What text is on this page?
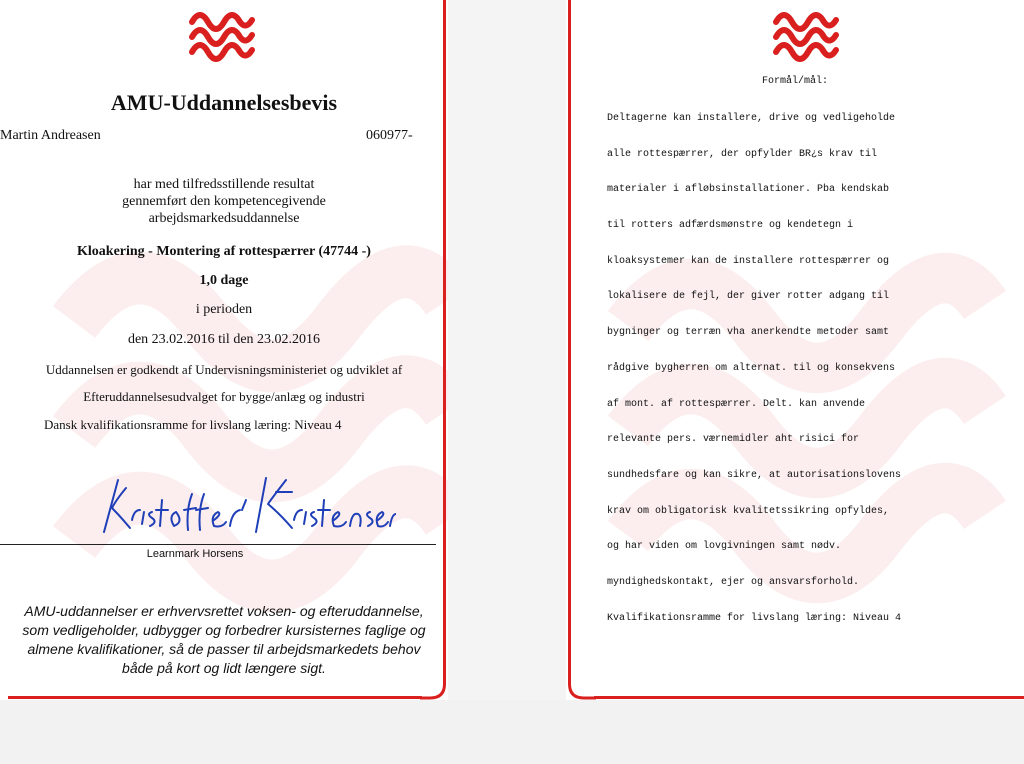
AMU-Uddannelsesbevis
Martin Andreasen	060977-
har med tilfredsstillende resultat
gennemført den kompetencegivende
arbejdsmarkedsuddannelse
Kloakering - Montering af rottespærrer (47744 -)
1,0 dage
i perioden
den 23.02.2016 til den 23.02.2016
Uddannelsen er godkendt af Undervisningsministeriet og udviklet af
Efteruddannelsesudvalget for bygge/anlæg og industri
Dansk kvalifikationsramme for livslang læring: Niveau 4
Learnmark Horsens
AMU-uddannelser er erhvervsrettet voksen- og efteruddannelse,
som vedligeholder, udbygger og forbedrer kursisternes faglige og
almene kvalifikationer, så de passer til arbejdsmarkedets behov
både på kort og lidt længere sigt.
Formål/mål:

Deltagerne kan installere, drive og vedligeholde

alle rottespærrer, der opfylder BR¿s krav til

materialer i afløbsinstallationer. Pba kendskab

til rotters adfærdsmønstre og kendetegn i

kloaksystemer kan de installere rottespærrer og

lokalisere de fejl, der giver rotter adgang til

bygninger og terræn vha anerkendte metoder samt

rådgive bygherren om alternat. til og konsekvens

af mont. af rottespærrer. Delt. kan anvende

relevante pers. værnemidler aht risici for

sundhedsfare og kan sikre, at autorisationslovens

krav om obligatorisk kvalitetssikring opfyldes,

og har viden om lovgivningen samt nødv.

myndighedskontakt, ejer og ansvarsforhold.

Kvalifikationsramme for livslang læring: Niveau 4
